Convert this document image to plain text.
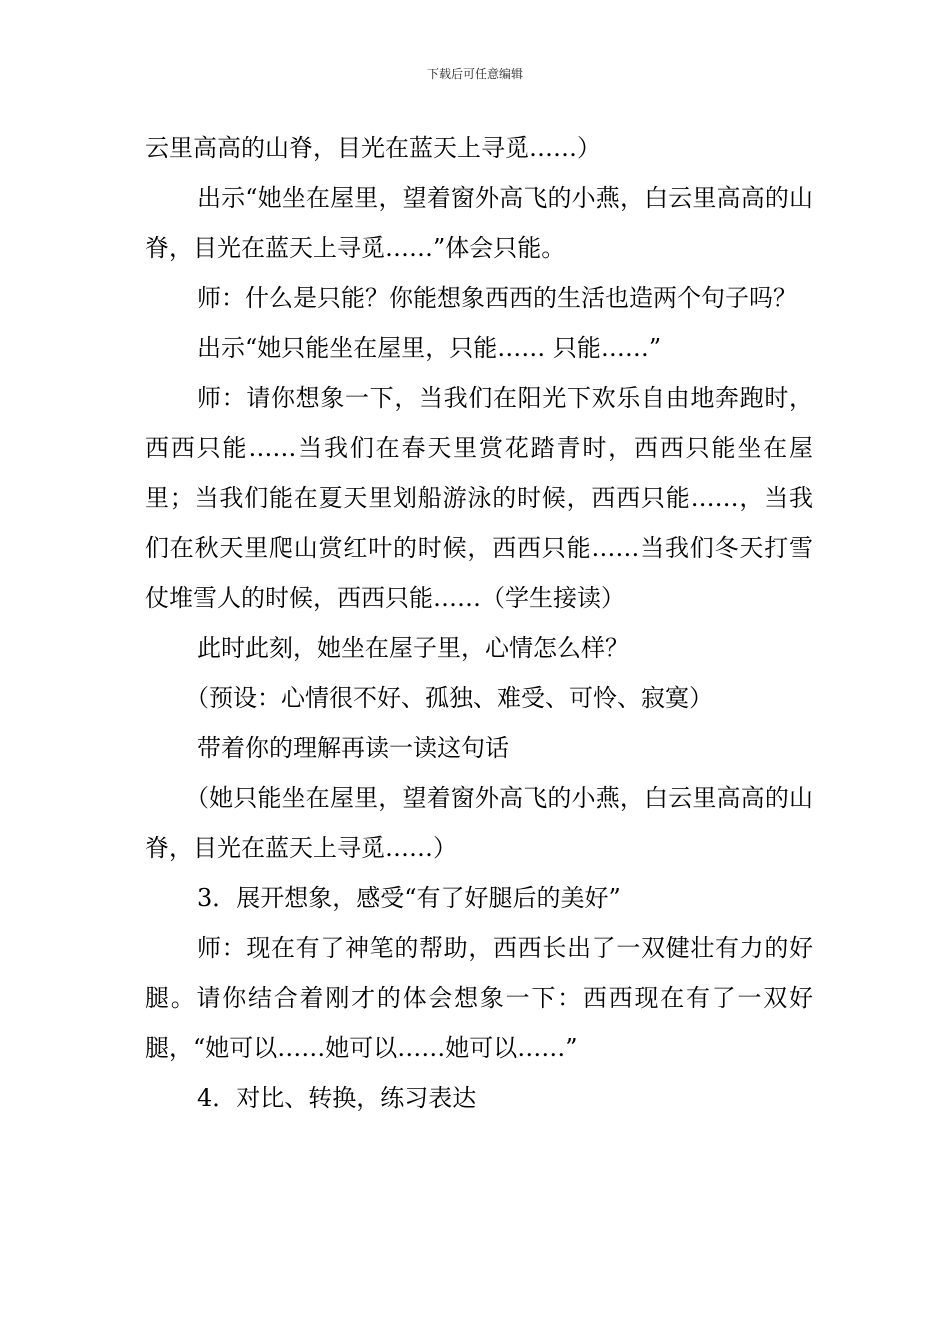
下载后可任意编辑

云里高高的山脊，目光在蓝天上寻觅……）

出示“她坐在屋里，望着窗外高飞的小燕，白云里高高的山脊，目光在蓝天上寻觅……”体会只能。

师：什么是只能？你能想象西西的生活也造两个句子吗？

出示“她只能坐在屋里，只能…… 只能……”

师：请你想象一下，当我们在阳光下欢乐自由地奔跑时，西西只能……当我们在春天里赏花踏青时，西西只能坐在屋里；当我们能在夏天里划船游泳的时候，西西只能……，当我们在秋天里爬山赏红叶的时候，西西只能……当我们冬天打雪仗堆雪人的时候，西西只能……（学生接读）

此时此刻，她坐在屋子里，心情怎么样？

（预设：心情很不好、孤独、难受、可怜、寂寞）

带着你的理解再读一读这句话

（她只能坐在屋里，望着窗外高飞的小燕，白云里高高的山脊，目光在蓝天上寻觅……）

3．展开想象，感受“有了好腿后的美好”

师：现在有了神笔的帮助，西西长出了一双健壮有力的好腿。请你结合着刚才的体会想象一下：西西现在有了一双好腿，“她可以……她可以……她可以……”

4．对比、转换，练习表达
